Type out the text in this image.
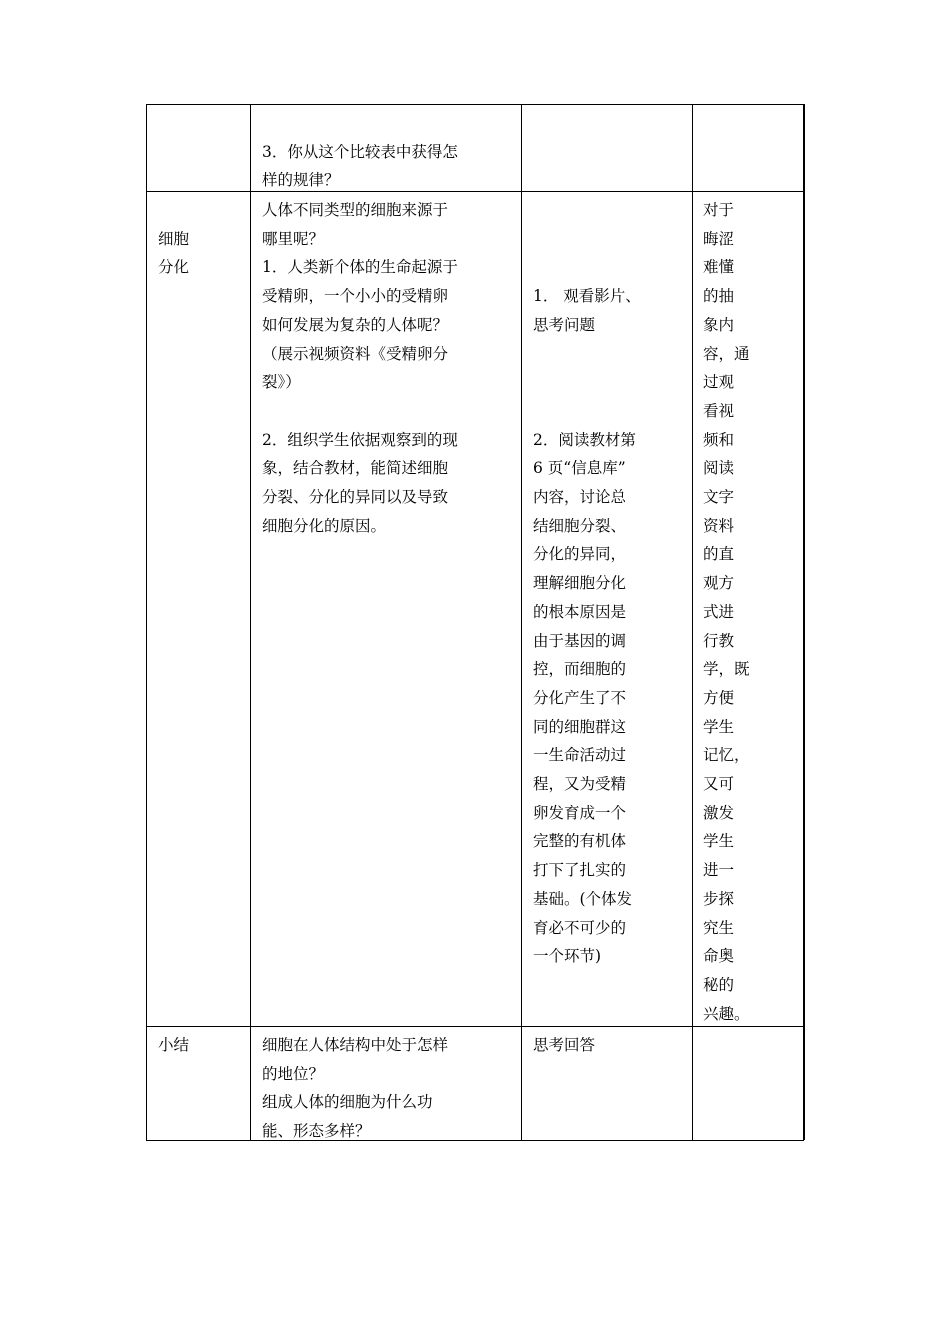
3．你从这个比较表中获得怎
样的规律？

细胞
分化
人体不同类型的细胞来源于
哪里呢？
1．人类新个体的生命起源于
受精卵，一个小小的受精卵
如何发展为复杂的人体呢？
（展示视频资料《受精卵分
裂》）

2．组织学生依据观察到的现
象，结合教材，能简述细胞
分裂、分化的异同以及导致
细胞分化的原因。

1． 观看影片、
思考问题

2．阅读教材第
6 页“信息库”
内容，讨论总
结细胞分裂、
分化的异同，
理解细胞分化
的根本原因是
由于基因的调
控，而细胞的
分化产生了不
同的细胞群这
一生命活动过
程，又为受精
卵发育成一个
完整的有机体
打下了扎实的
基础。(个体发
育必不可少的
一个环节)
对于
晦涩
难懂
的抽
象内
容，通
过观
看视
频和
阅读
文字
资料
的直
观方
式进
行教
学，既
方便
学生
记忆，
又可
激发
学生
进一
步探
究生
命奥
秘的
兴趣。
小结	细胞在人体结构中处于怎样
的地位？
组成人体的细胞为什么功
能、形态多样？
思考回答
